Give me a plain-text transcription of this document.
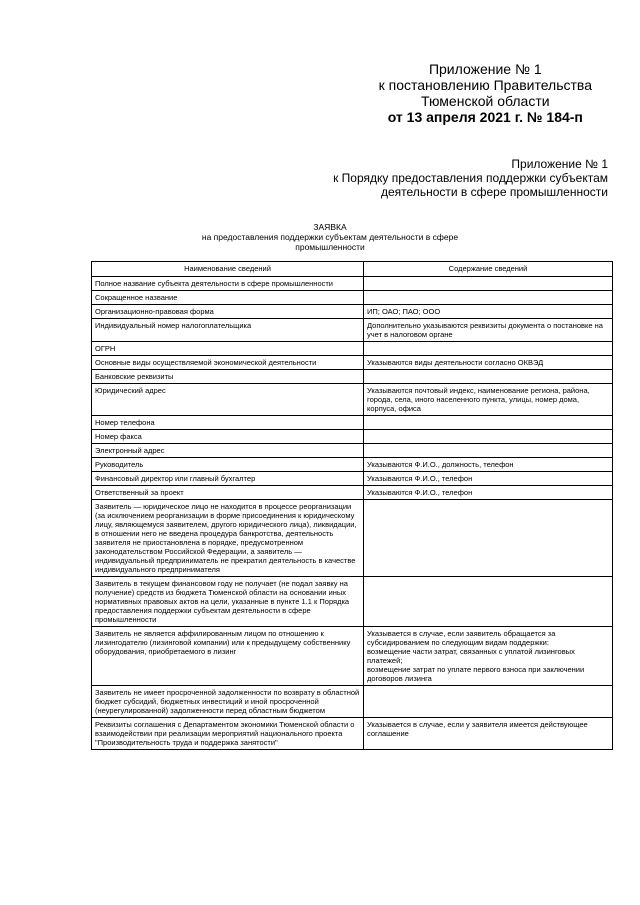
Приложение № 1
к постановлению Правительства
Тюменской области
от 13 апреля 2021 г. № 184-п
Приложение № 1
к Порядку предоставления поддержки субъектам
деятельности в сфере промышленности
ЗАЯВКА
на предоставления поддержки субъектам деятельности в сфере
промышленности
Наименование сведений	Содержание сведений
Полное название субъекта деятельности в сфере промышленности	
Сокращенное название	
Организационно-правовая форма	ИП; ОАО; ПАО; ООО
Индивидуальный номер налогоплательщика	Дополнительно указываются реквизиты документа о постановке на учет в налоговом органе
ОГРН	
Основные виды осуществляемой экономической деятельности	Указываются виды деятельности согласно ОКВЭД
Банковские реквизиты	
Юридический адрес	Указываются почтовый индекс, наименование региона, района, города, села, иного населенного пункта, улицы, номер дома, корпуса, офиса
Номер телефона	
Номер факса	
Электронный адрес	
Руководитель	Указываются Ф.И.О., должность, телефон
Финансовый директор или главный бухгалтер	Указываются Ф.И.О., телефон
Ответственный за проект	Указываются Ф.И.О., телефон
Заявитель — юридическое лицо не находится в процессе реорганизации (за исключением реорганизации в форме присоединения к юридическому лицу, являющемуся заявителем, другого юридического лица), ликвидации, в отношении него не введена процедура банкротства, деятельность заявителя не приостановлена в порядке, предусмотренном законодательством Российской Федерации, а заявитель — индивидуальный предприниматель не прекратил деятельность в качестве индивидуального предпринимателя	
Заявитель в текущем финансовом году не получает (не подал заявку на получение) средств из бюджета Тюменской области на основании иных нормативных правовых актов на цели, указанные в пункте 1.1 к Порядка предоставления поддержки субъектам деятельности в сфере промышленности	
Заявитель не является аффилированным лицом по отношению к лизингодателю (лизинговой компании) или к предыдущему собственнику оборудования, приобретаемого в лизинг	Указывается в случае, если заявитель обращается за субсидированием по следующим видам поддержки:
возмещение части затрат, связанных с уплатой лизинговых платежей;
возмещение затрат по уплате первого взноса при заключении договоров лизинга
Заявитель не имеет просроченной задолженности по возврату в областной бюджет субсидий, бюджетных инвестиций и иной просроченной (неурегулированной) задолженности перед областным бюджетом	
Реквизиты соглашения с Департаментом экономики Тюменской области о взаимодействии при реализации мероприятий национального проекта "Производительность труда и поддержка занятости"	Указывается в случае, если у заявителя имеется действующее соглашение
